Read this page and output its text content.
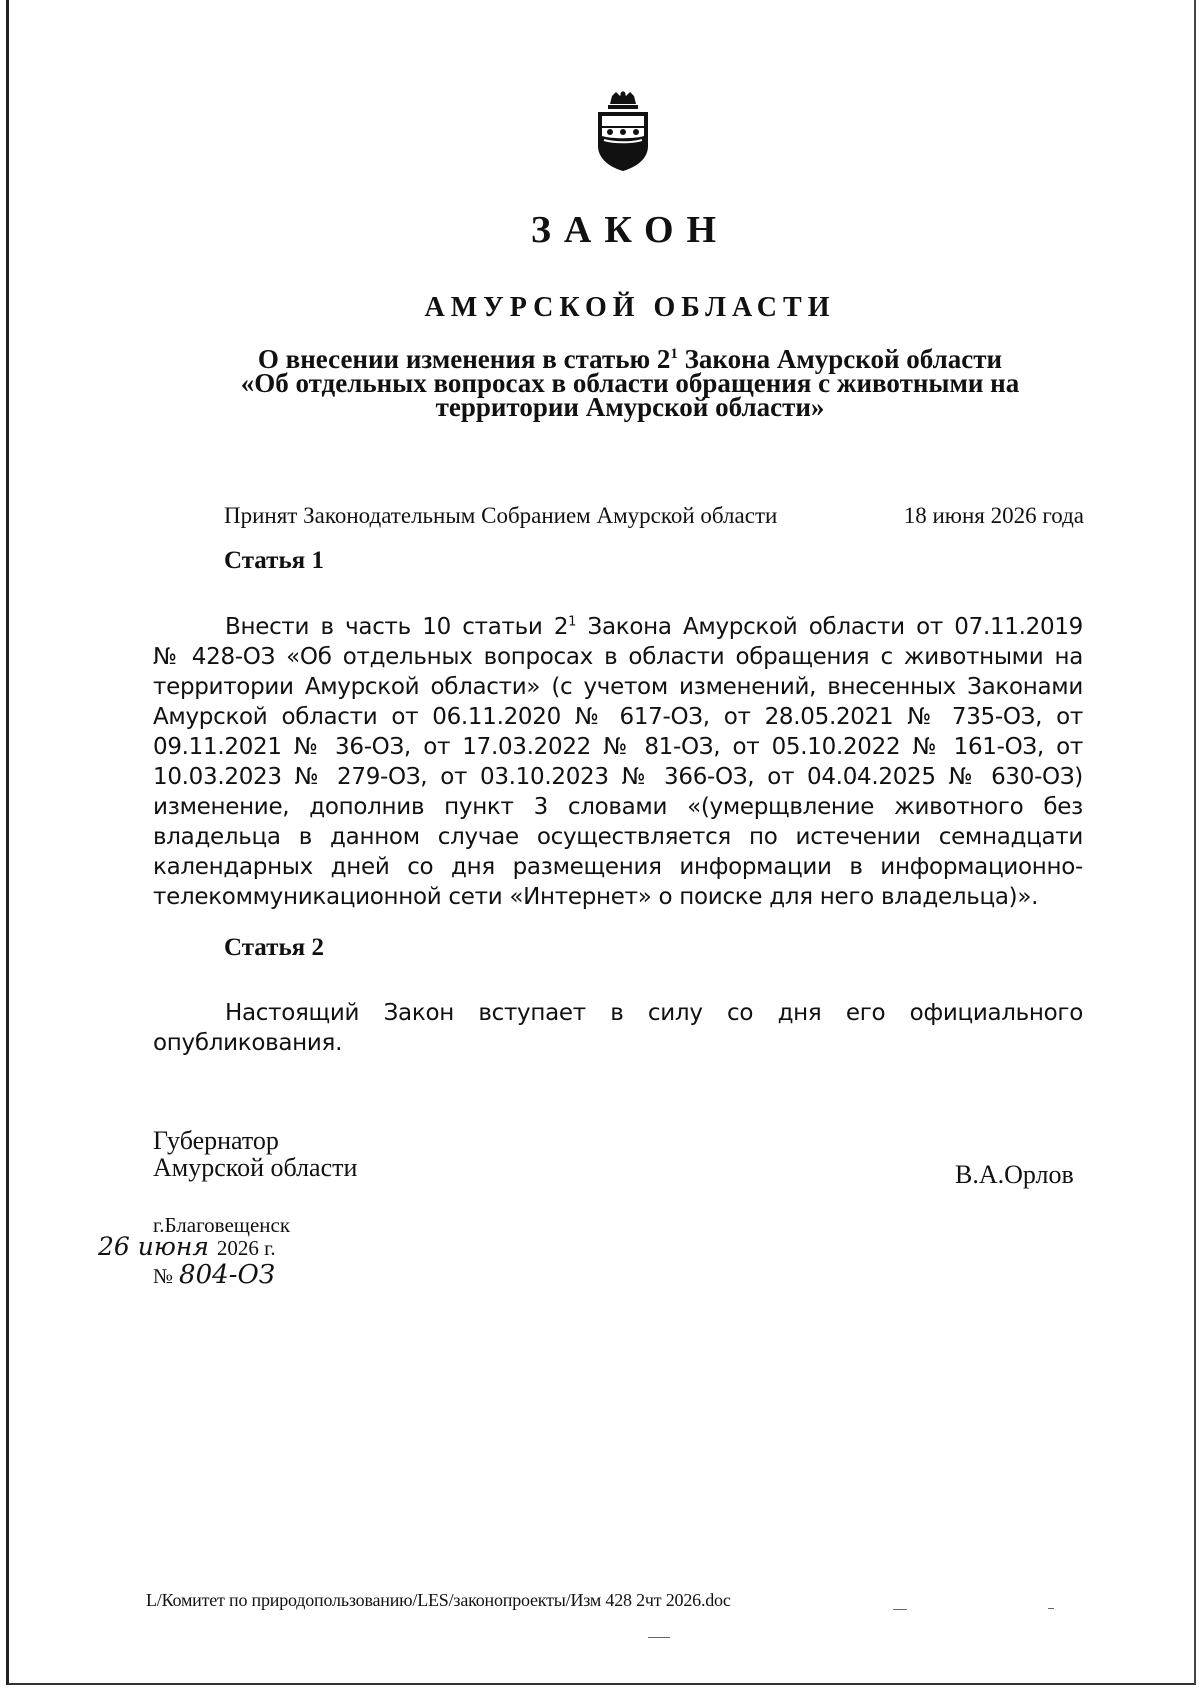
ЗАКОН
АМУРСКОЙ ОБЛАСТИ
О внесении изменения в статью $2^1$ Закона Амурской области
«Об отдельных вопросах в области обращения с животными на
территории Амурской области»
Принят Законодательным Собранием Амурской области	18 июня 2026 года
Статья 1
Внести в часть 10 статьи $2^1$ Закона Амурской области от 07.11.2019
№ 428-ОЗ «Об отдельных вопросах в области обращения с животными на
территории Амурской области» (с учетом изменений, внесенных Законами
Амурской области от 06.11.2020 № 617-ОЗ, от 28.05.2021 № 735-ОЗ, от
09.11.2021 № 36-ОЗ, от 17.03.2022 № 81-ОЗ, от 05.10.2022 № 161-ОЗ, от
10.03.2023 № 279-ОЗ, от 03.10.2023 № 366-ОЗ, от 04.04.2025 № 630-ОЗ)
изменение, дополнив пункт 3 словами «(умерщвление животного без
владельца в данном случае осуществляется по истечении семнадцати
календарных дней со дня размещения информации в информационно-
телекоммуникационной сети «Интернет» о поиске для него владельца)».
Статья 2
Настоящий Закон вступает в силу со дня его официального
опубликования.
Губернатор
Амурской области	В.А.Орлов
г.Благовещенск
26 июня 2026 г.
№ 804-ОЗ
L/Комитет по природопользованию/LES/законопроекты/Изм 428 2чт 2026.doc
